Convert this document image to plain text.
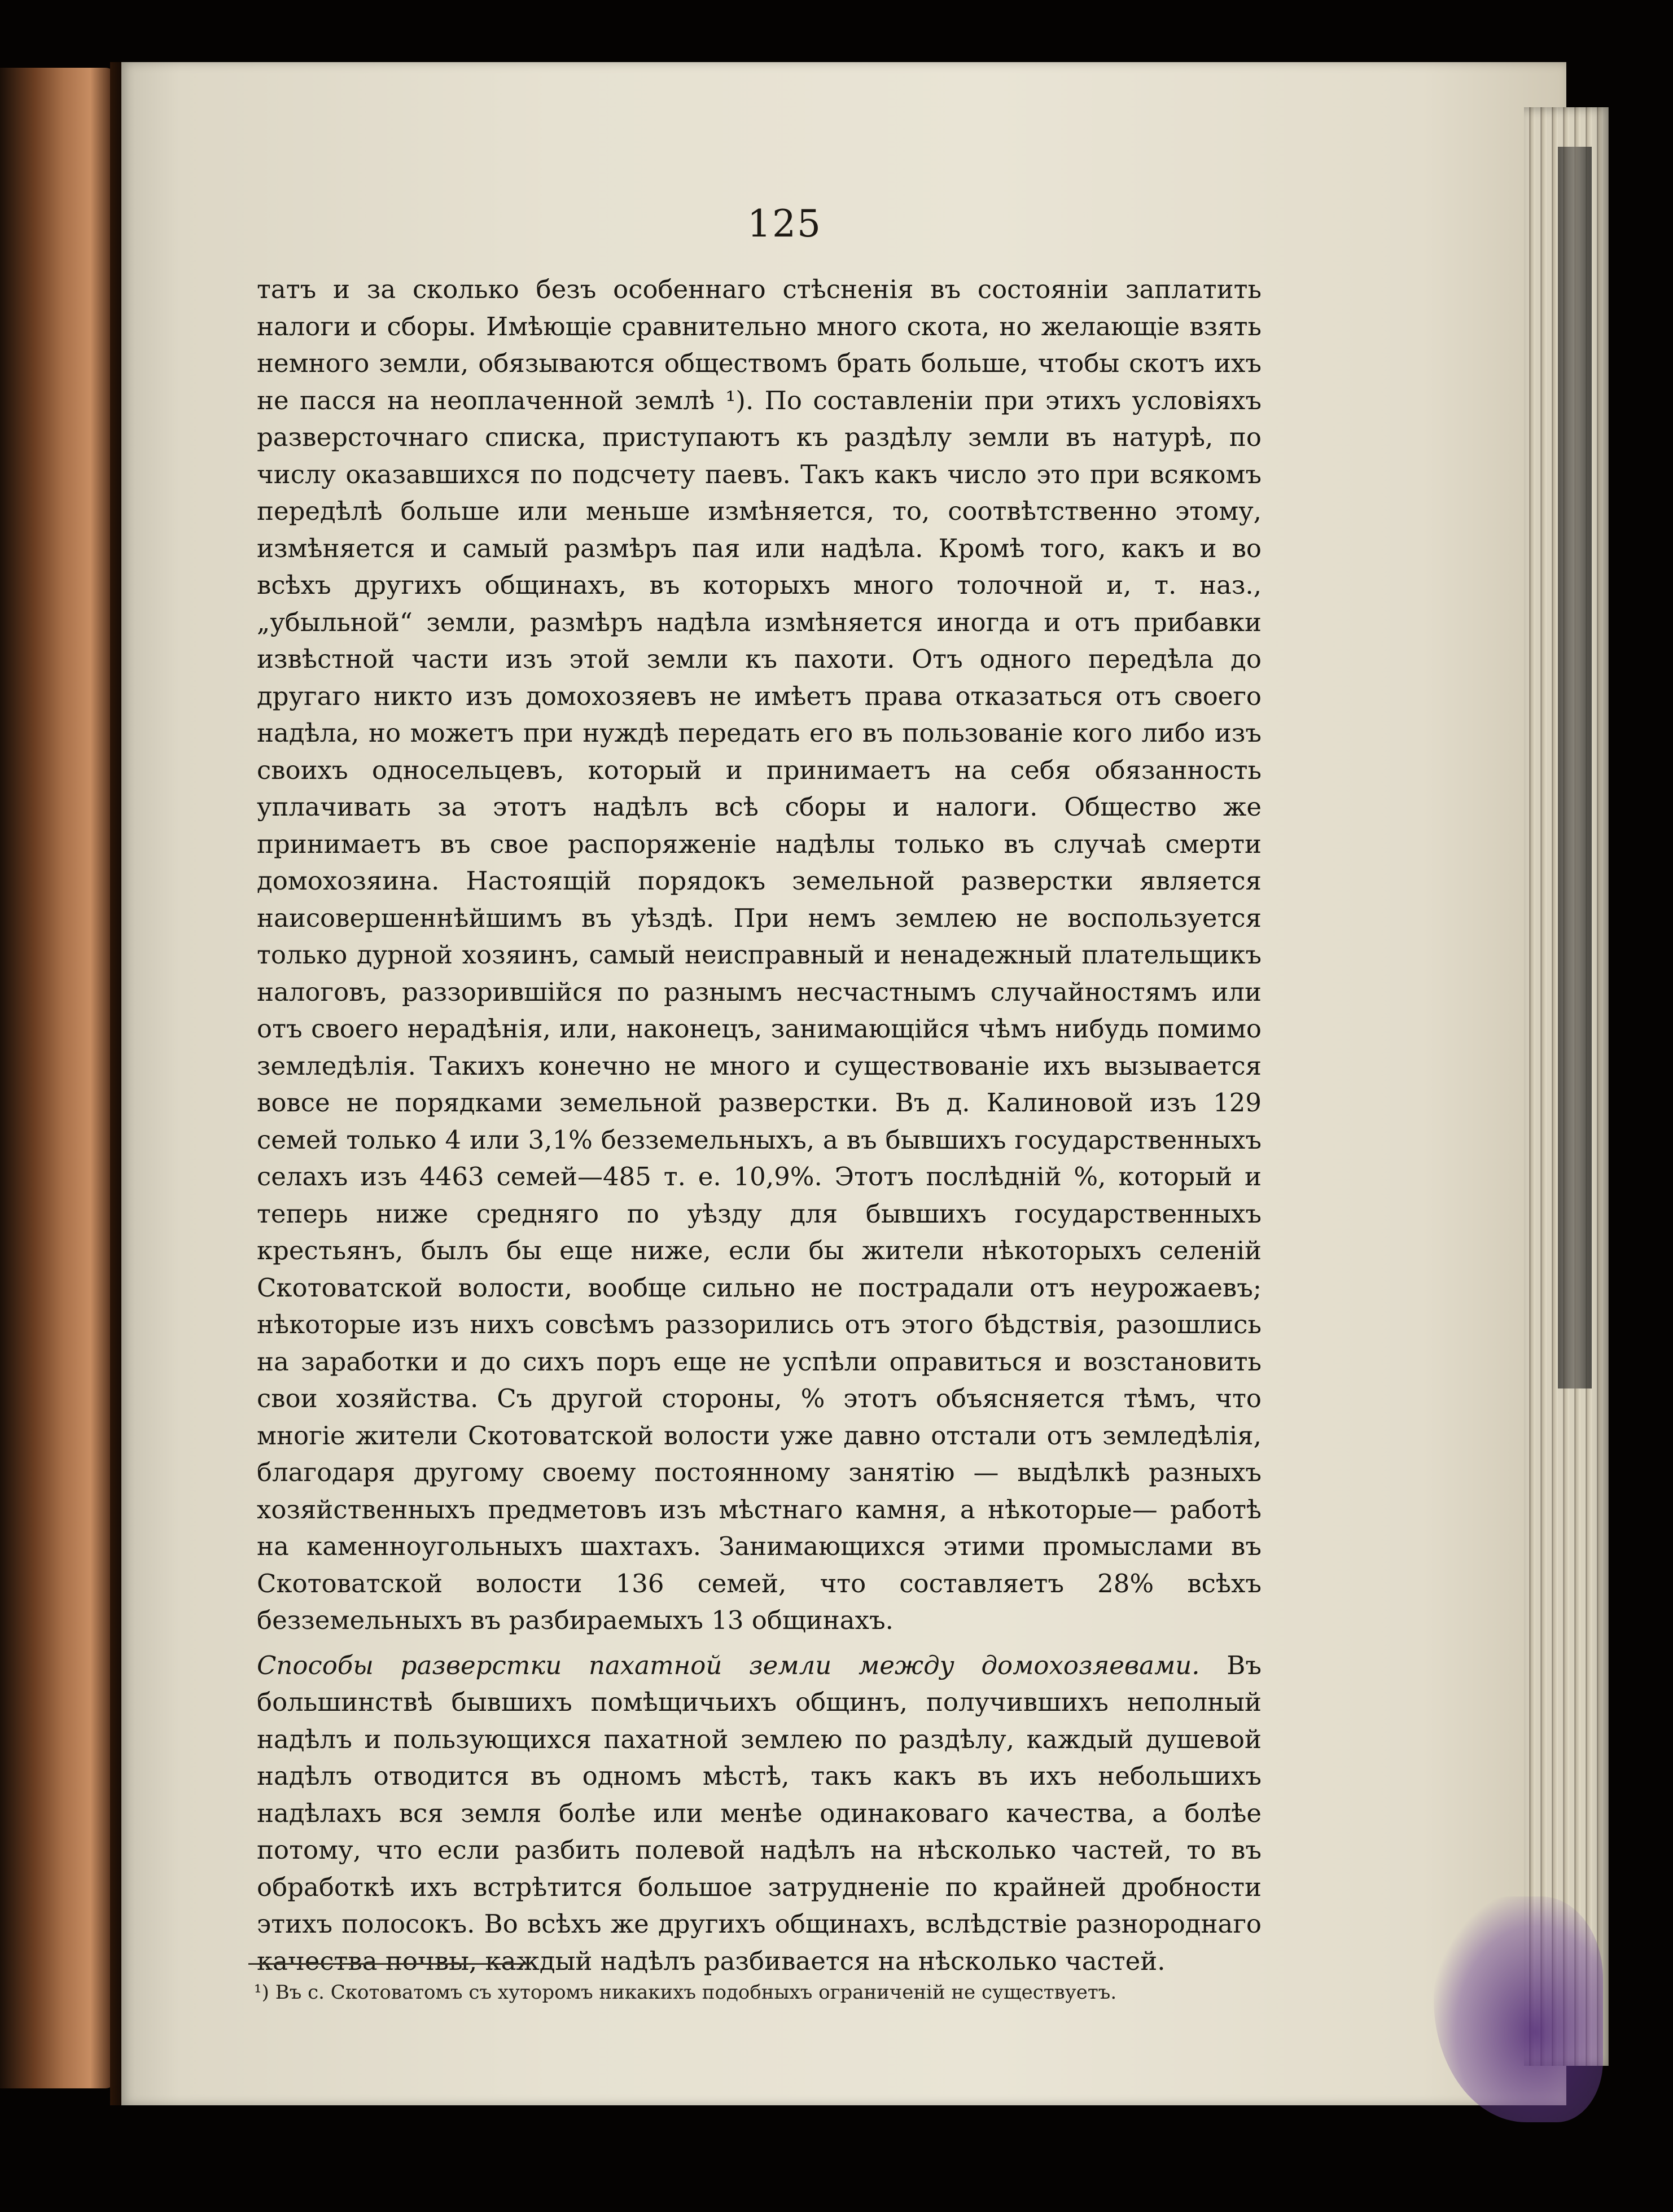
125

татъ и за сколько безъ особеннаго стѣсненія въ состояніи заплатить налоги и сборы. Имѣющіе сравнительно много скота, но желающіе взять немного земли, обязываются обществомъ брать больше, чтобы скотъ ихъ не пасся на неоплаченной землѣ ¹). По составленіи при этихъ условіяхъ разверсточнаго списка, приступаютъ къ раздѣлу земли въ натурѣ, по числу оказавшихся по подсчету паевъ. Такъ какъ число это при всякомъ передѣлѣ больше или меньше измѣняется, то, соотвѣтственно этому, измѣняется и самый размѣръ пая или надѣла. Кромѣ того, какъ и во всѣхъ другихъ общинахъ, въ которыхъ много толочной и, т. наз., „убыльной“ земли, размѣръ надѣла измѣняется иногда и отъ прибавки извѣстной части изъ этой земли къ пахоти. Отъ одного передѣла до другаго никто изъ домохозяевъ не имѣетъ права отказаться отъ своего надѣла, но можетъ при нуждѣ передать его въ пользованіе кого либо изъ своихъ односельцевъ, который и принимаетъ на себя обязанность уплачивать за этотъ надѣлъ всѣ сборы и налоги. Общество же принимаетъ въ свое распоряженіе надѣлы только въ случаѣ смерти домохозяина. Настоящій порядокъ земельной разверстки является наисовершеннѣйшимъ въ уѣздѣ. При немъ землею не воспользуется только дурной хозяинъ, самый неисправный и ненадежный плательщикъ налоговъ, раззорившійся по разнымъ несчастнымъ случайностямъ или отъ своего нерадѣнія, или, наконецъ, занимающійся чѣмъ нибудь помимо земледѣлія. Такихъ конечно не много и существованіе ихъ вызывается вовсе не порядками земельной разверстки. Въ д. Калиновой изъ 129 семей только 4 или 3,1% безземельныхъ, а въ бывшихъ государственныхъ селахъ изъ 4463 семей—485 т. е. 10,9%. Этотъ послѣдній %, который и теперь ниже средняго по уѣзду для бывшихъ государственныхъ крестьянъ, былъ бы еще ниже, если бы жители нѣкоторыхъ селеній Скотоватской волости, вообще сильно не пострадали отъ неурожаевъ; нѣкоторые изъ нихъ совсѣмъ раззорились отъ этого бѣдствія, разошлись на заработки и до сихъ поръ еще не успѣли оправиться и возстановить свои хозяйства. Съ другой стороны, % этотъ объясняется тѣмъ, что многіе жители Скотоватской волости уже давно отстали отъ земледѣлія, благодаря другому своему постоянному занятію — выдѣлкѣ разныхъ хозяйственныхъ предметовъ изъ мѣстнаго камня, а нѣкоторые— работѣ на каменноугольныхъ шахтахъ. Занимающихся этими промыслами въ Скотоватской волости 136 семей, что составляетъ 28% всѣхъ безземельныхъ въ разбираемыхъ 13 общинахъ.

Способы разверстки пахатной земли между домохозяевами. Въ большинствѣ бывшихъ помѣщичьихъ общинъ, получившихъ неполный надѣлъ и пользующихся пахатной землею по раздѣлу, каждый душевой надѣлъ отводится въ одномъ мѣстѣ, такъ какъ въ ихъ небольшихъ надѣлахъ вся земля болѣе или менѣе одинаковаго качества, а болѣе потому, что если разбить полевой надѣлъ на нѣсколько частей, то въ обработкѣ ихъ встрѣтится большое затрудненіе по крайней дробности этихъ полосокъ. Во всѣхъ же другихъ общинахъ, вслѣдствіе разнороднаго качества почвы, каждый надѣлъ разбивается на нѣсколько частей.

¹) Въ с. Скотоватомъ съ хуторомъ никакихъ подобныхъ ограниченій не существуетъ.
